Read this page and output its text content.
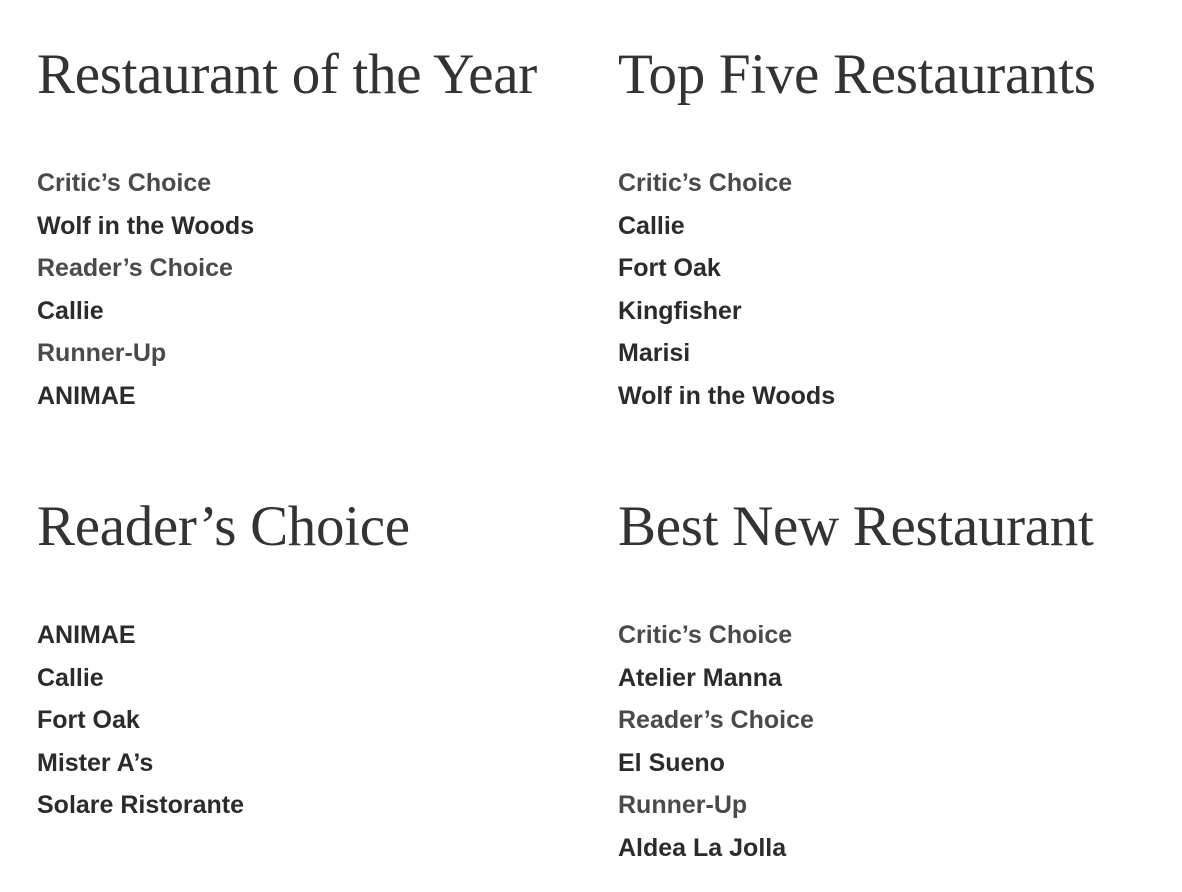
Restaurant of the Year
Critic’s Choice
Wolf in the Woods
Reader’s Choice
Callie
Runner-Up
ANIMAE
Top Five Restaurants
Critic’s Choice
Callie
Fort Oak
Kingfisher
Marisi
Wolf in the Woods
Reader’s Choice
ANIMAE
Callie
Fort Oak
Mister A’s
Solare Ristorante
Best New Restaurant
Critic’s Choice
Atelier Manna
Reader’s Choice
El Sueno
Runner-Up
Aldea La Jolla
